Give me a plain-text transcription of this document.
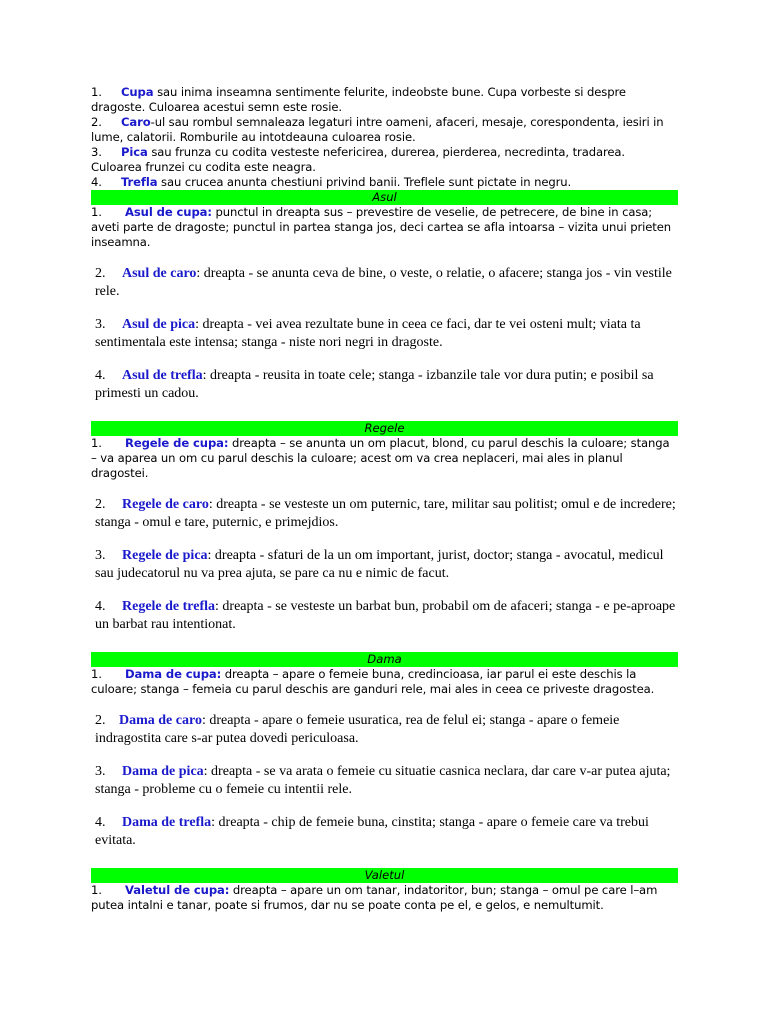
1. Cupa sau inima inseamna sentimente felurite, indeobste bune. Cupa vorbeste si despre dragoste. Culoarea acestui semn este rosie.

2. Caro-ul sau rombul semnaleaza legaturi intre oameni, afaceri, mesaje, corespondenta, iesiri in lume, calatorii. Romburile au intotdeauna culoarea rosie.

3. Pica sau frunza cu codita vesteste nefericirea, durerea, pierderea, necredinta, tradarea. Culoarea frunzei cu codita este neagra.

4. Trefla sau crucea anunta chestiuni privind banii. Treflele sunt pictate in negru.

Asul

1. Asul de cupa: punctul in dreapta sus – prevestire de veselie, de petrecere, de bine in casa; aveti parte de dragoste; punctul in partea stanga jos, deci cartea se afla intoarsa – vizita unui prieten inseamna.

2. Asul de caro: dreapta - se anunta ceva de bine, o veste, o relatie, o afacere; stanga jos - vin vestile rele.

3. Asul de pica: dreapta - vei avea rezultate bune in ceea ce faci, dar te vei osteni mult; viata ta sentimentala este intensa; stanga - niste nori negri in dragoste.

4. Asul de trefla: dreapta - reusita in toate cele; stanga - izbanzile tale vor dura putin; e posibil sa primesti un cadou.

Regele

1. Regele de cupa: dreapta – se anunta un om placut, blond, cu parul deschis la culoare; stanga – va aparea un om cu parul deschis la culoare; acest om va crea neplaceri, mai ales in planul dragostei.

2. Regele de caro: dreapta - se vesteste un om puternic, tare, militar sau politist; omul e de incredere; stanga - omul e tare, puternic, e primejdios.

3. Regele de pica: dreapta - sfaturi de la un om important, jurist, doctor; stanga - avocatul, medicul sau judecatorul nu va prea ajuta, se pare ca nu e nimic de facut.

4. Regele de trefla: dreapta - se vesteste un barbat bun, probabil om de afaceri; stanga - e pe-aproape un barbat rau intentionat.

Dama

1. Dama de cupa: dreapta – apare o femeie buna, credincioasa, iar parul ei este deschis la culoare; stanga – femeia cu parul deschis are ganduri rele, mai ales in ceea ce priveste dragostea.

2. Dama de caro: dreapta - apare o femeie usuratica, rea de felul ei; stanga - apare o femeie indragostita care s-ar putea dovedi periculoasa.

3. Dama de pica: dreapta - se va arata o femeie cu situatie casnica neclara, dar care v-ar putea ajuta; stanga - probleme cu o femeie cu intentii rele.

4. Dama de trefla: dreapta - chip de femeie buna, cinstita; stanga - apare o femeie care va trebui evitata.

Valetul

1. Valetul de cupa: dreapta – apare un om tanar, indatoritor, bun; stanga – omul pe care l–am putea intalni e tanar, poate si frumos, dar nu se poate conta pe el, e gelos, e nemultumit.
